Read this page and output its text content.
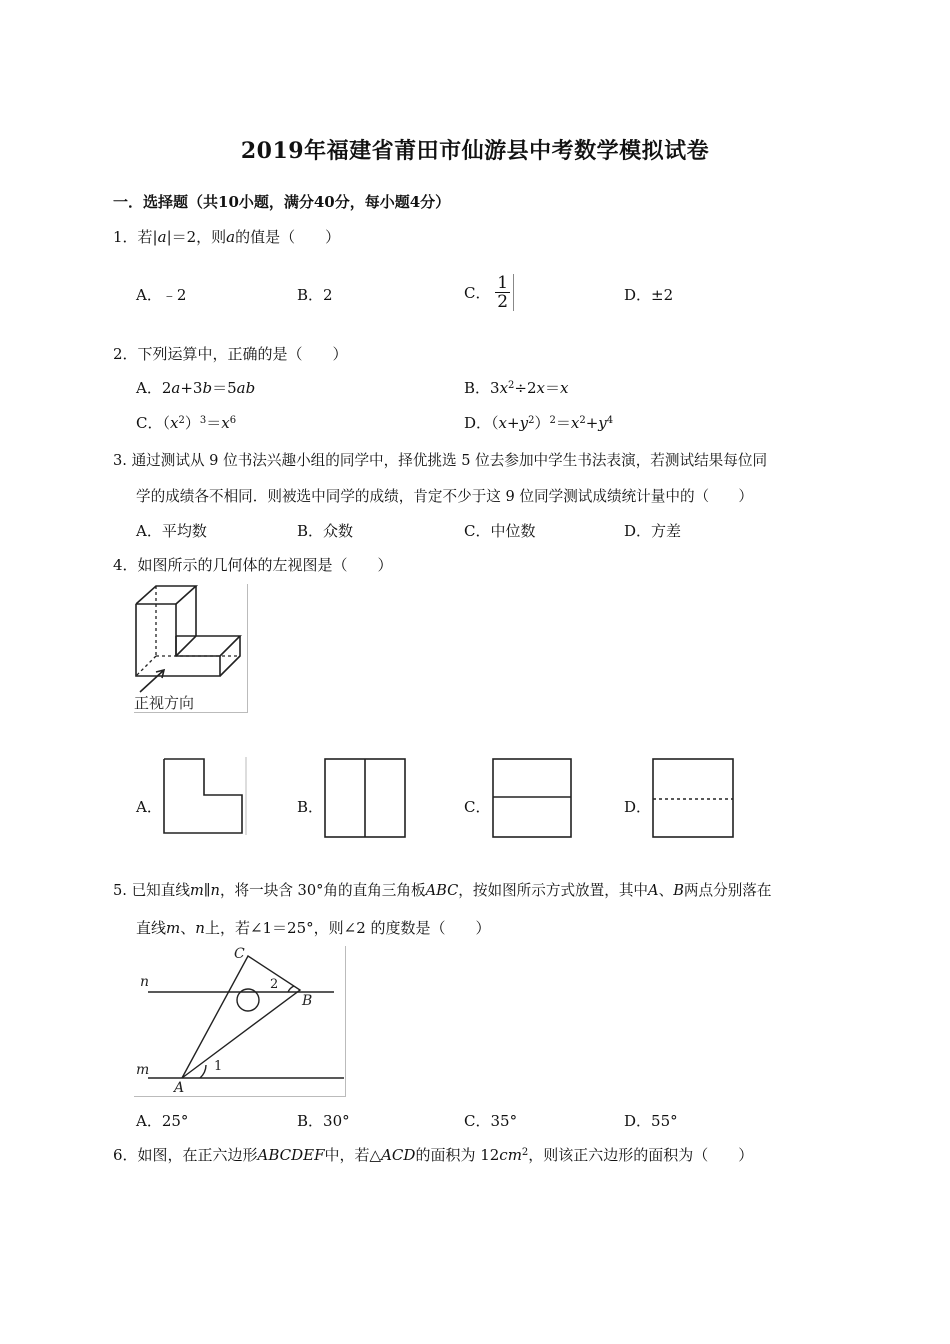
2019年福建省莆田市仙游县中考数学模拟试卷
一．选择题（共10小题，满分40分，每小题4分）
1．若|a|＝2，则a的值是（　　）
A．﹣2	B．2	C． $\frac{1}{2}$	D．±2
2．下列运算中，正确的是（　　）
A．2a+3b＝5ab	B．$3x^2\div 2x=x$
C．$(x^2)^3=x^6$	D．$(x+y^2)^2=x^2+y^4$
3. 通过测试从 9 位书法兴趣小组的同学中，择优挑选 5 位去参加中学生书法表演，若测试结果每位同
学的成绩各不相同．则被选中同学的成绩，肯定不少于这 9 位同学测试成绩统计量中的（　　）
A．平均数	B．众数	C．中位数	D．方差
4．如图所示的几何体的左视图是（　　）
正视方向
A．	B．	C．	D．
5. 已知直线m∥n，将一块含 30°角的直角三角板ABC，按如图所示方式放置，其中A、B两点分别落在
直线m、n上，若∠1＝25°，则∠2 的度数是（　　）
C
B
A
n
m	1
2
A．25°	B．30°	C．35°	D．55°
6．如图，在正六边形ABCDEF中，若△ACD的面积为 $12cm^2$，则该正六边形的面积为（　　）
